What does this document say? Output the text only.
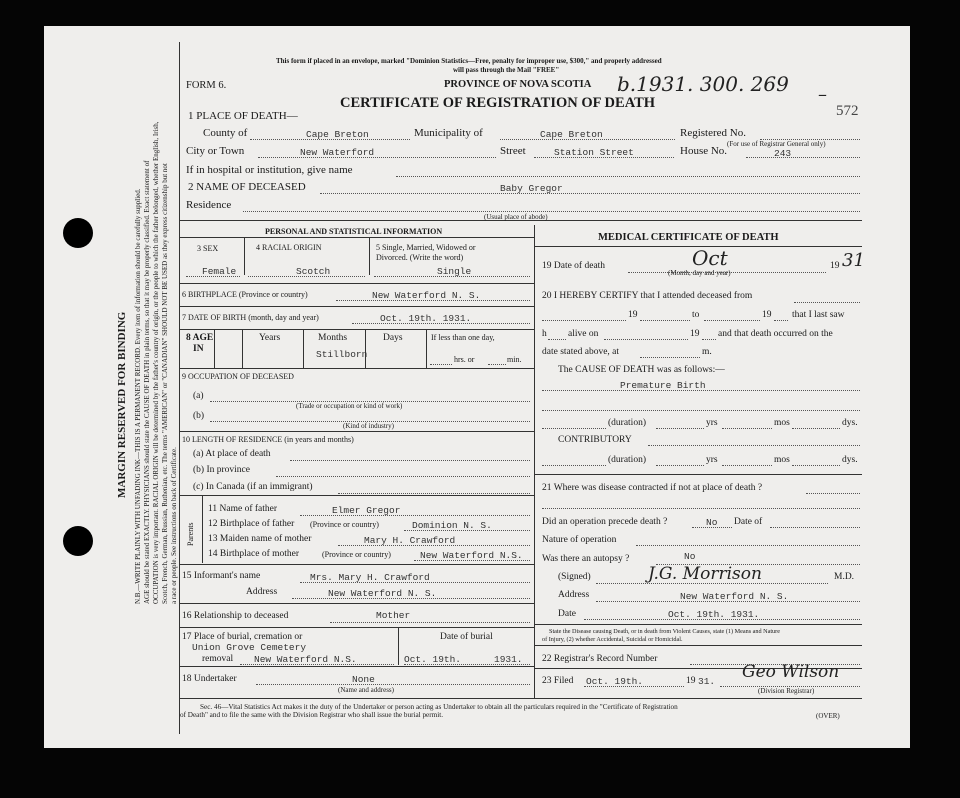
MARGIN RESERVED FOR BINDING N.B.—WRITE PLAINLY WITH UNFADING INK—THIS IS A PERMANENT RECORD. Every item of information should be carefully supplied. AGE should be stated EXACTLY. PHYSICIANS should state the CAUSE OF DEATH in plain terms, so that it may be properly classified. Exact statement of OCCUPATION is very important. RACIAL ORIGIN will be determined by the father's country of origin, or the people to which the father belonged, whether English, Irish, Scotch, French, German, Russian, Ruthenian, etc. The terms "AMERICAN" or "CANADIAN" SHOULD NOT BE USED as they express citizenship but not a race or people. See instructions on back of Certificate.
This form if placed in an envelope, marked "Dominion Statistics—Free, penalty for improper use, $300," and properly addressed
will pass through the Mail "FREE"
FORM 6.	PROVINCE OF NOVA SCOTIA b.1931. 300. 269 –
572
CERTIFICATE OF REGISTRATION OF DEATH
1 PLACE OF DEATH—
County of	Cape Breton	Municipality of	Cape Breton	Registered No.
City or Town	New Waterford	Street	Station Street	House No.
(For use of Registrar General only)
243
If in hospital or institution, give name
2 NAME OF DECEASED	Baby Gregor
Residence
(Usual place of abode)
PERSONAL AND STATISTICAL INFORMATION
3 SEX	4 RACIAL ORIGIN	5 Single, Married, Widowed or
Divorced. (Write the word)
Female	Scotch	Single
6 BIRTHPLACE (Province or country)	New Waterford N. S.
7 DATE OF BIRTH (month, day and year)	Oct. 19th. 1931.
8 AGE
IN
Years	Months	Days
Stillborn
If less than one day,
hrs. or	min.
9 OCCUPATION OF DECEASED
(a)
(Trade or occupation or kind of work)
(b)
(Kind of industry)
10 LENGTH OF RESIDENCE (in years and months)
(a) At place of death
(b) In province
(c) In Canada (if an immigrant)
Parents
11 Name of father	Elmer Gregor
12 Birthplace of father (Province or country)	Dominion N. S.
13 Maiden name of mother	Mary H. Crawford
14 Birthplace of mother	(Province or country)	New Waterford N.S.
15 Informant's name	Mrs. Mary H. Crawford
Address	New Waterford N. S.
16 Relationship to deceased	Mother
17 Place of burial, cremation or
Union Grove Cemetery
removal New Waterford N.S.
Date of burial
Oct. 19th.	1931.
18 Undertaker	None
(Name and address)
MEDICAL CERTIFICATE OF DEATH
19 Date of death	Oct
(Month, day and year)
19 31
20 I HEREBY CERTIFY that I attended deceased from
19	to	19 that I last saw
h alive on	19 and that death occurred on the
date stated above, at	m.
The CAUSE OF DEATH was as follows:—
Premature Birth
(duration)	yrs	mos	dys.
CONTRIBUTORY
(duration)	yrs	mos	dys.
21 Where was disease contracted if not at place of death ?
Did an operation precede death ?	No Date of
Nature of operation
Was there an autopsy ?	No
(Signed)	J.G. Morrison	M.D.
Address	New Waterford N. S.
Date	Oct. 19th. 1931.
State the Disease causing Death, or in death from Violent Causes, state (1) Means and Nature
of Injury, (2) whether Accidental, Suicidal or Homicidal.
22 Registrar's Record Number
23 Filed Oct. 19th.	19 31. Geo Wilson
(Division Registrar)
Sec. 46—Vital Statistics Act makes it the duty of the Undertaker or person acting as Undertaker to obtain all the particulars required in the "Certificate of Registration
of Death" and to file the same with the Division Registrar who shall issue the burial permit.	(OVER)
